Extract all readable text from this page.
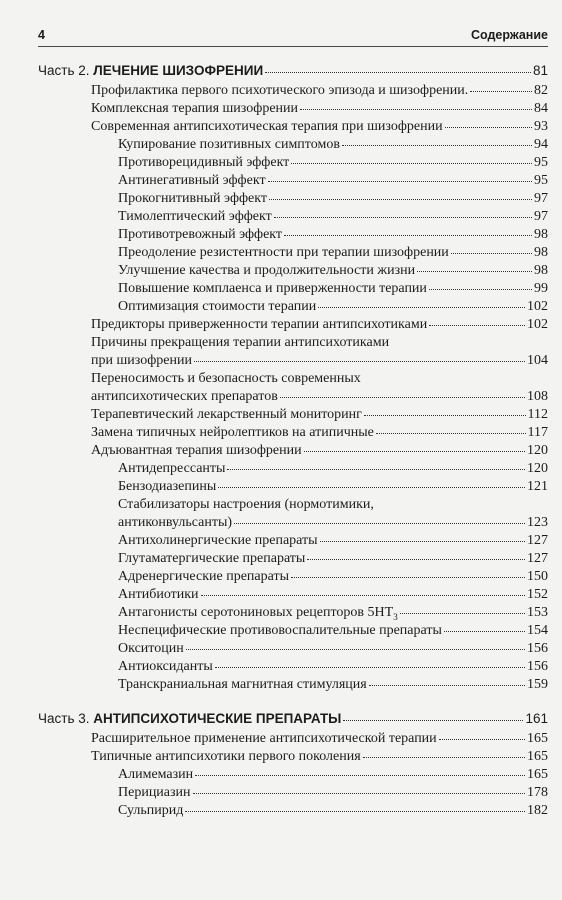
4	Содержание
Часть 2. ЛЕЧЕНИЕ ШИЗОФРЕНИИ	81
Профилактика первого психотического эпизода и шизофрении.	82
Комплексная терапия шизофрении	84
Современная антипсихотическая терапия при шизофрении	93
Купирование позитивных симптомов	94
Противорецидивный эффект	95
Антинегативный эффект	95
Прокогнитивный эффект	97
Тимолептический эффект	97
Противотревожный эффект	98
Преодоление резистентности при терапии шизофрении	98
Улучшение качества и продолжительности жизни	98
Повышение комплаенса и приверженности терапии	99
Оптимизация стоимости терапии	102
Предикторы приверженности терапии антипсихотиками	102
Причины прекращения терапии антипсихотиками
при шизофрении	104
Переносимость и безопасность современных
антипсихотических препаратов	108
Терапевтический лекарственный мониторинг	112
Замена типичных нейролептиков на атипичные	117
Адъювантная терапия шизофрении	120
Антидепрессанты	120
Бензодиазепины	121
Стабилизаторы настроения (нормотимики,
антиконвульсанты)	123
Антихолинергические препараты	127
Глутаматергические препараты	127
Адренергические препараты	150
Антибиотики	152
Антагонисты серотониновых рецепторов $5HT_3$	153
Неспецифические противовоспалительные препараты	154
Окситоцин	156
Антиоксиданты	156
Транскраниальная магнитная стимуляция	159
Часть 3. АНТИПСИХОТИЧЕСКИЕ ПРЕПАРАТЫ	161
Расширительное применение антипсихотической терапии	165
Типичные антипсихотики первого поколения	165
Алимемазин	165
Перициазин	178
Сульпирид	182
